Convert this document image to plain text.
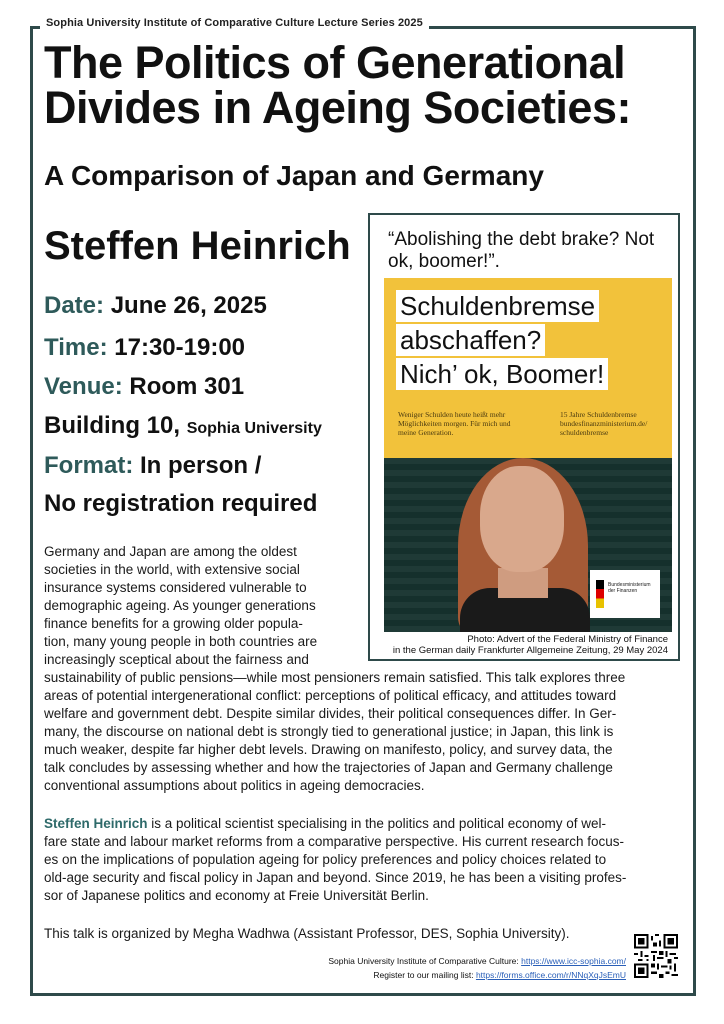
Sophia University Institute of Comparative Culture Lecture Series 2025
The Politics of Generational Divides in Ageing Societies:
A Comparison of Japan and Germany
Steffen Heinrich
Date: June 26, 2025
Time: 17:30-19:00
Venue: Room 301
Building 10, Sophia University
Format: In person /
No registration required
“Abolishing the debt brake? Not ok, boomer!”.
Schuldenbremse
abschaffen?
Nich’ ok, Boomer!
Weniger Schulden heute heißt mehr Möglichkeiten morgen. Für mich und meine Generation.
15 Jahre Schuldenbremse bundesfinanzministerium.de/ schuldenbremse
Bundesministerium der Finanzen
Photo: Advert of the Federal Ministry of Finance
in the German daily Frankfurter Allgemeine Zeitung, 29 May 2024
Germany and Japan are among the oldest
societies in the world, with extensive social
insurance systems considered vulnerable to
demographic ageing. As younger generations
finance benefits for a growing older popula-
tion, many young people in both countries are
increasingly sceptical about the fairness and
sustainability of public pensions—while most pensioners remain satisfied. This talk explores three
areas of potential intergenerational conflict: perceptions of political efficacy, and attitudes toward
welfare and government debt. Despite similar divides, their political consequences differ. In Ger-
many, the discourse on national debt is strongly tied to generational justice; in Japan, this link is
much weaker, despite far higher debt levels. Drawing on manifesto, policy, and survey data, the
talk concludes by assessing whether and how the trajectories of Japan and Germany challenge
conventional assumptions about politics in ageing democracies.
Steffen Heinrich is a political scientist specialising in the politics and political economy of wel-
fare state and labour market reforms from a comparative perspective. His current research focus-
es on the implications of population ageing for policy preferences and policy choices related to
old-age security and fiscal policy in Japan and beyond. Since 2019, he has been a visiting profes-
sor of Japanese politics and economy at Freie Universität Berlin.
This talk is organized by Megha Wadhwa (Assistant Professor, DES, Sophia University).
Sophia University Institute of Comparative Culture: https://www.icc-sophia.com/
Register to our mailing list: https://forms.office.com/r/NNqXqJsEmU
